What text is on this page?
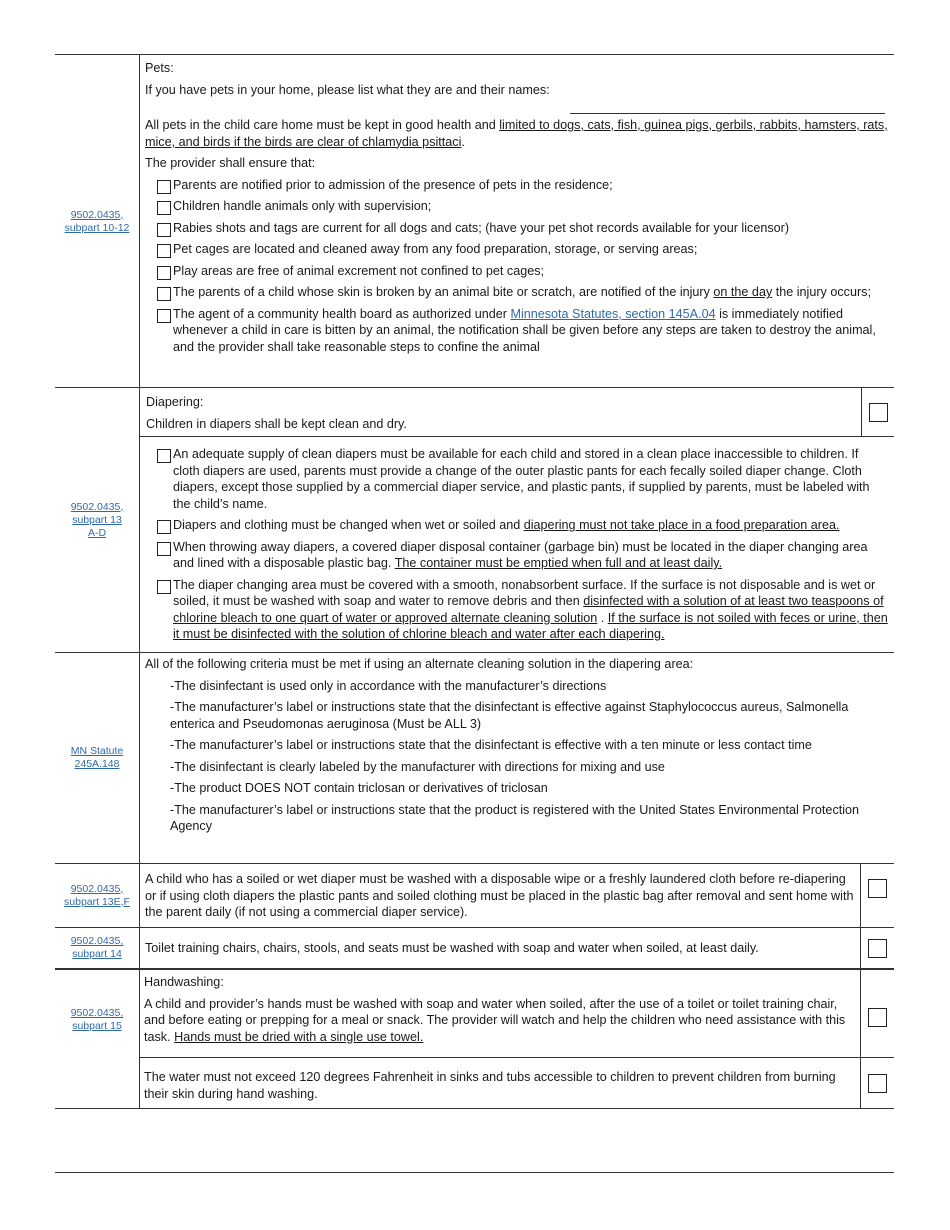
9502.0435, subpart 10-12

Pets:

If you have pets in your home, please list what they are and their names:

All pets in the child care home must be kept in good health and limited to dogs, cats, fish, guinea pigs, gerbils, rabbits, hamsters, rats, mice, and birds if the birds are clear of chlamydia psittaci.

The provider shall ensure that:

Parents are notified prior to admission of the presence of pets in the residence;
Children handle animals only with supervision;
Rabies shots and tags are current for all dogs and cats; (have your pet shot records available for your licensor)
Pet cages are located and cleaned away from any food preparation, storage, or serving areas;
Play areas are free of animal excrement not confined to pet cages;
The parents of a child whose skin is broken by an animal bite or scratch, are notified of the injury on the day the injury occurs;
The agent of a community health board as authorized under Minnesota Statutes, section 145A.04 is immediately notified whenever a child in care is bitten by an animal, the notification shall be given before any steps are taken to destroy the animal, and the provider shall take reasonable steps to confine the animal
9502.0435, subpart 13 A-D

Diapering:

Children in diapers shall be kept clean and dry.

An adequate supply of clean diapers must be available for each child and stored in a clean place inaccessible to children. If cloth diapers are used, parents must provide a change of the outer plastic pants for each fecally soiled diaper change. Cloth diapers, except those supplied by a commercial diaper service, and plastic pants, if supplied by parents, must be labeled with the child’s name.
Diapers and clothing must be changed when wet or soiled and diapering must not take place in a food preparation area.
When throwing away diapers, a covered diaper disposal container (garbage bin) must be located in the diaper changing area and lined with a disposable plastic bag. The container must be emptied when full and at least daily.
The diaper changing area must be covered with a smooth, nonabsorbent surface. If the surface is not disposable and is wet or soiled, it must be washed with soap and water to remove debris and then disinfected with a solution of at least two teaspoons of chlorine bleach to one quart of water or approved alternate cleaning solution . If the surface is not soiled with feces or urine, then it must be disinfected with the solution of chlorine bleach and water after each diapering.
MN Statute 245A.148

All of the following criteria must be met if using an alternate cleaning solution in the diapering area:

-The disinfectant is used only in accordance with the manufacturer’s directions

-The manufacturer’s label or instructions state that the disinfectant is effective against Staphylococcus aureus, Salmonella enterica and Pseudomonas aeruginosa (Must be ALL 3)

-The manufacturer’s label or instructions state that the disinfectant is effective with a ten minute or less contact time

-The disinfectant is clearly labeled by the manufacturer with directions for mixing and use

-The product DOES NOT contain triclosan or derivatives of triclosan

-The manufacturer’s label or instructions state that the product is registered with the United States Environmental Protection Agency

9502.0435, subpart 13E,F

A child who has a soiled or wet diaper must be washed with a disposable wipe or a freshly laundered cloth before re-diapering or if using cloth diapers the plastic pants and soiled clothing must be placed in the plastic bag after removal and sent home with the parent daily (if not using a commercial diaper service).

9502.0435, subpart 14 Toilet training chairs, chairs, stools, and seats must be washed with soap and water when soiled, at least daily.

9502.0435, subpart 15

Handwashing:

A child and provider’s hands must be washed with soap and water when soiled, after the use of a toilet or toilet training chair, and before eating or prepping for a meal or snack. The provider will watch and help the children who need assistance with this task. Hands must be dried with a single use towel.

The water must not exceed 120 degrees Fahrenheit in sinks and tubs accessible to children to prevent children from burning their skin during hand washing.
